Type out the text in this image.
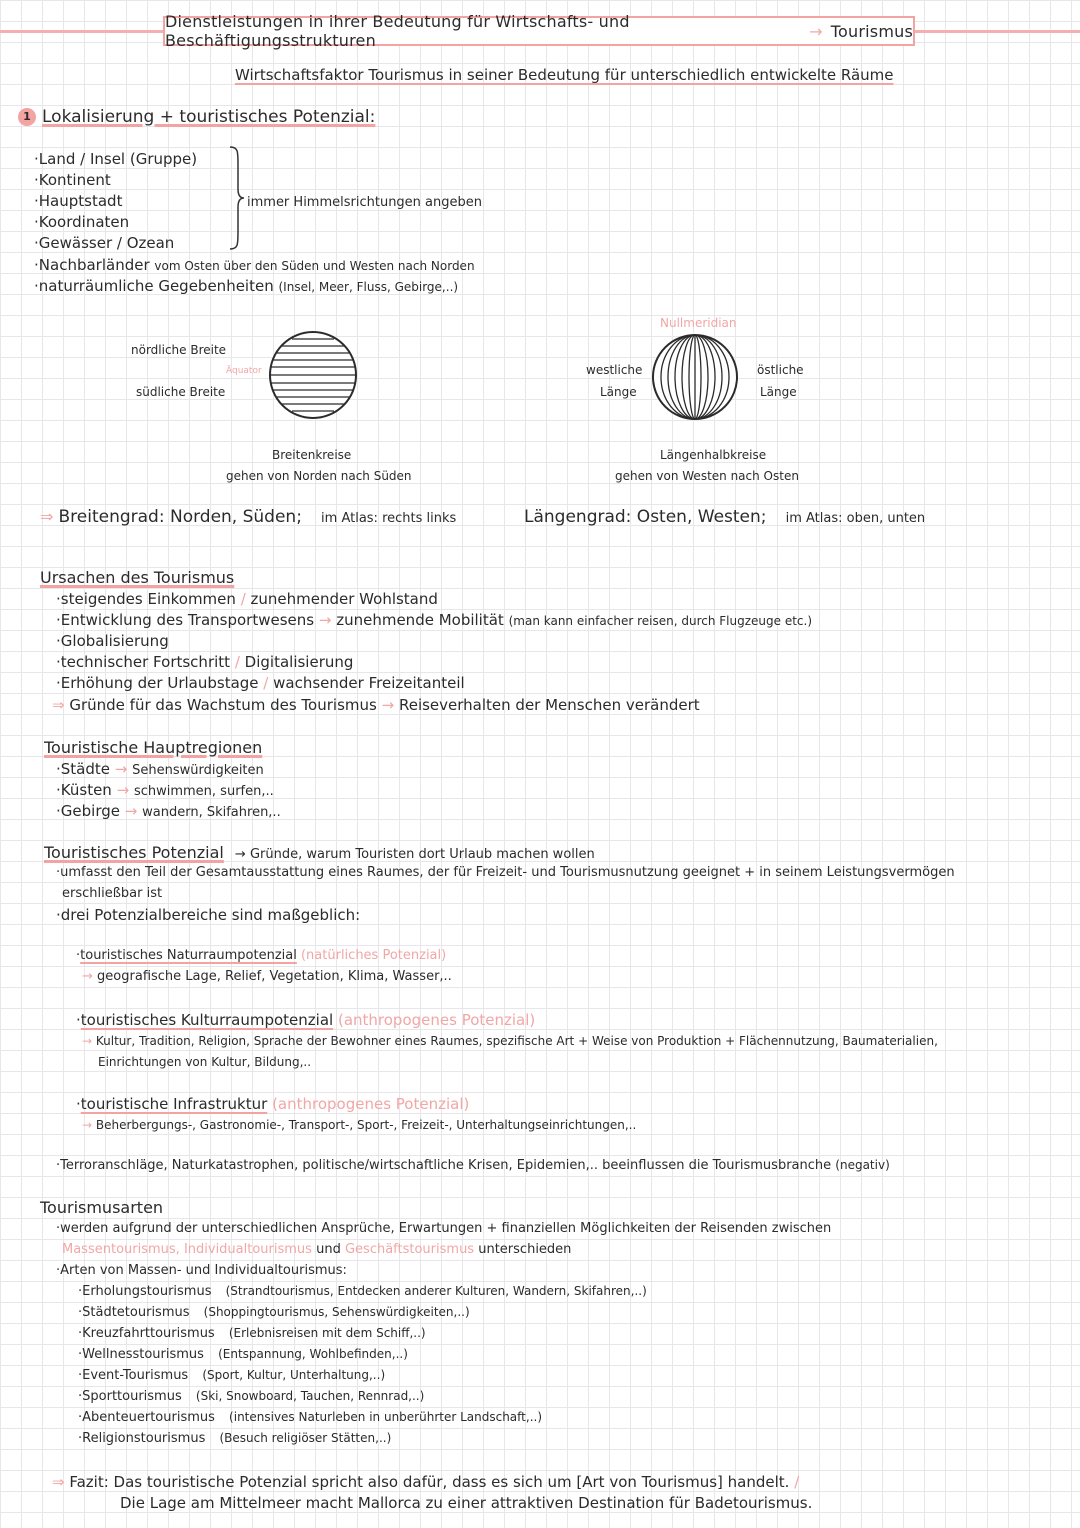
Dienstleistungen in ihrer Bedeutung für Wirtschafts- und Beschäftigungsstrukturen	→ Tourismus
Wirtschaftsfaktor Tourismus in seiner Bedeutung für unterschiedlich entwickelte Räume
1 Lokalisierung + touristisches Potenzial:
·Land / Insel (Gruppe)
·Kontinent
·Hauptstadt
·Koordinaten
·Gewässer / Ozean
immer Himmelsrichtungen angeben
·Nachbarländer vom Osten über den Süden und Westen nach Norden
·naturräumliche Gegebenheiten (Insel, Meer, Fluss, Gebirge,..)
nördliche Breite
Äquator
südliche Breite
Breitenkreise
gehen von Norden nach Süden
Nullmeridian
westliche
Länge
östliche
Länge
Längenhalbkreise
gehen von Westen nach Osten
⇒ Breitengrad: Norden, Süden; im Atlas: rechts links	Längengrad: Osten, Westen; im Atlas: oben, unten
Ursachen des Tourismus
·steigendes Einkommen / zunehmender Wohlstand
·Entwicklung des Transportwesens → zunehmende Mobilität (man kann einfacher reisen, durch Flugzeuge etc.)
·Globalisierung
·technischer Fortschritt / Digitalisierung
·Erhöhung der Urlaubstage / wachsender Freizeitanteil
⇒ Gründe für das Wachstum des Tourismus → Reiseverhalten der Menschen verändert
Touristische Hauptregionen
·Städte → Sehenswürdigkeiten
·Küsten → schwimmen, surfen,..
·Gebirge → wandern, Skifahren,..
Touristisches Potenzial → Gründe, warum Touristen dort Urlaub machen wollen
·umfasst den Teil der Gesamtausstattung eines Raumes, der für Freizeit- und Tourismusnutzung geeignet + in seinem Leistungsvermögen
erschließbar ist
·drei Potenzialbereiche sind maßgeblich:
·touristisches Naturraumpotenzial (natürliches Potenzial)
→ geografische Lage, Relief, Vegetation, Klima, Wasser,..
·touristisches Kulturraumpotenzial (anthropogenes Potenzial)
→ Kultur, Tradition, Religion, Sprache der Bewohner eines Raumes, spezifische Art + Weise von Produktion + Flächennutzung, Baumaterialien,
Einrichtungen von Kultur, Bildung,..
·touristische Infrastruktur (anthropogenes Potenzial)
→ Beherbergungs-, Gastronomie-, Transport-, Sport-, Freizeit-, Unterhaltungseinrichtungen,..
·Terroranschläge, Naturkatastrophen, politische/wirtschaftliche Krisen, Epidemien,.. beeinflussen die Tourismusbranche (negativ)
Tourismusarten
·werden aufgrund der unterschiedlichen Ansprüche, Erwartungen + finanziellen Möglichkeiten der Reisenden zwischen
Massentourismus, Individualtourismus und Geschäftstourismus unterschieden
·Arten von Massen- und Individualtourismus:
·Erholungstourismus (Strandtourismus, Entdecken anderer Kulturen, Wandern, Skifahren,..)
·Städtetourismus (Shoppingtourismus, Sehenswürdigkeiten,..)
·Kreuzfahrttourismus (Erlebnisreisen mit dem Schiff,..)
·Wellnesstourismus (Entspannung, Wohlbefinden,..)
·Event-Tourismus (Sport, Kultur, Unterhaltung,..)
·Sporttourismus (Ski, Snowboard, Tauchen, Rennrad,..)
·Abenteuertourismus (intensives Naturleben in unberührter Landschaft,..)
·Religionstourismus (Besuch religiöser Stätten,..)
⇒ Fazit: Das touristische Potenzial spricht also dafür, dass es sich um [Art von Tourismus] handelt. /
Die Lage am Mittelmeer macht Mallorca zu einer attraktiven Destination für Badetourismus.
